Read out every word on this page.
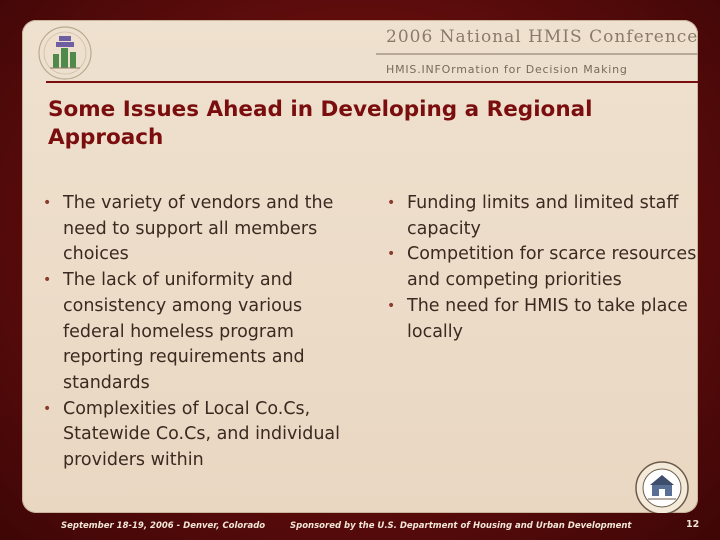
2006 National HMIS Conference
HMIS.INFOrmation for Decision Making
Some Issues Ahead in Developing a Regional
Approach
• The variety of vendors and the need to support all members choices
• The lack of uniformity and consistency among various federal homeless program reporting requirements and standards
• Complexities of Local Co.Cs, Statewide Co.Cs, and individual providers within
• Funding limits and limited staff capacity
• Competition for scarce resources and competing priorities
• The need for HMIS to take place locally
September 18-19, 2006 - Denver, Colorado	Sponsored by the U.S. Department of Housing and Urban Development	12
